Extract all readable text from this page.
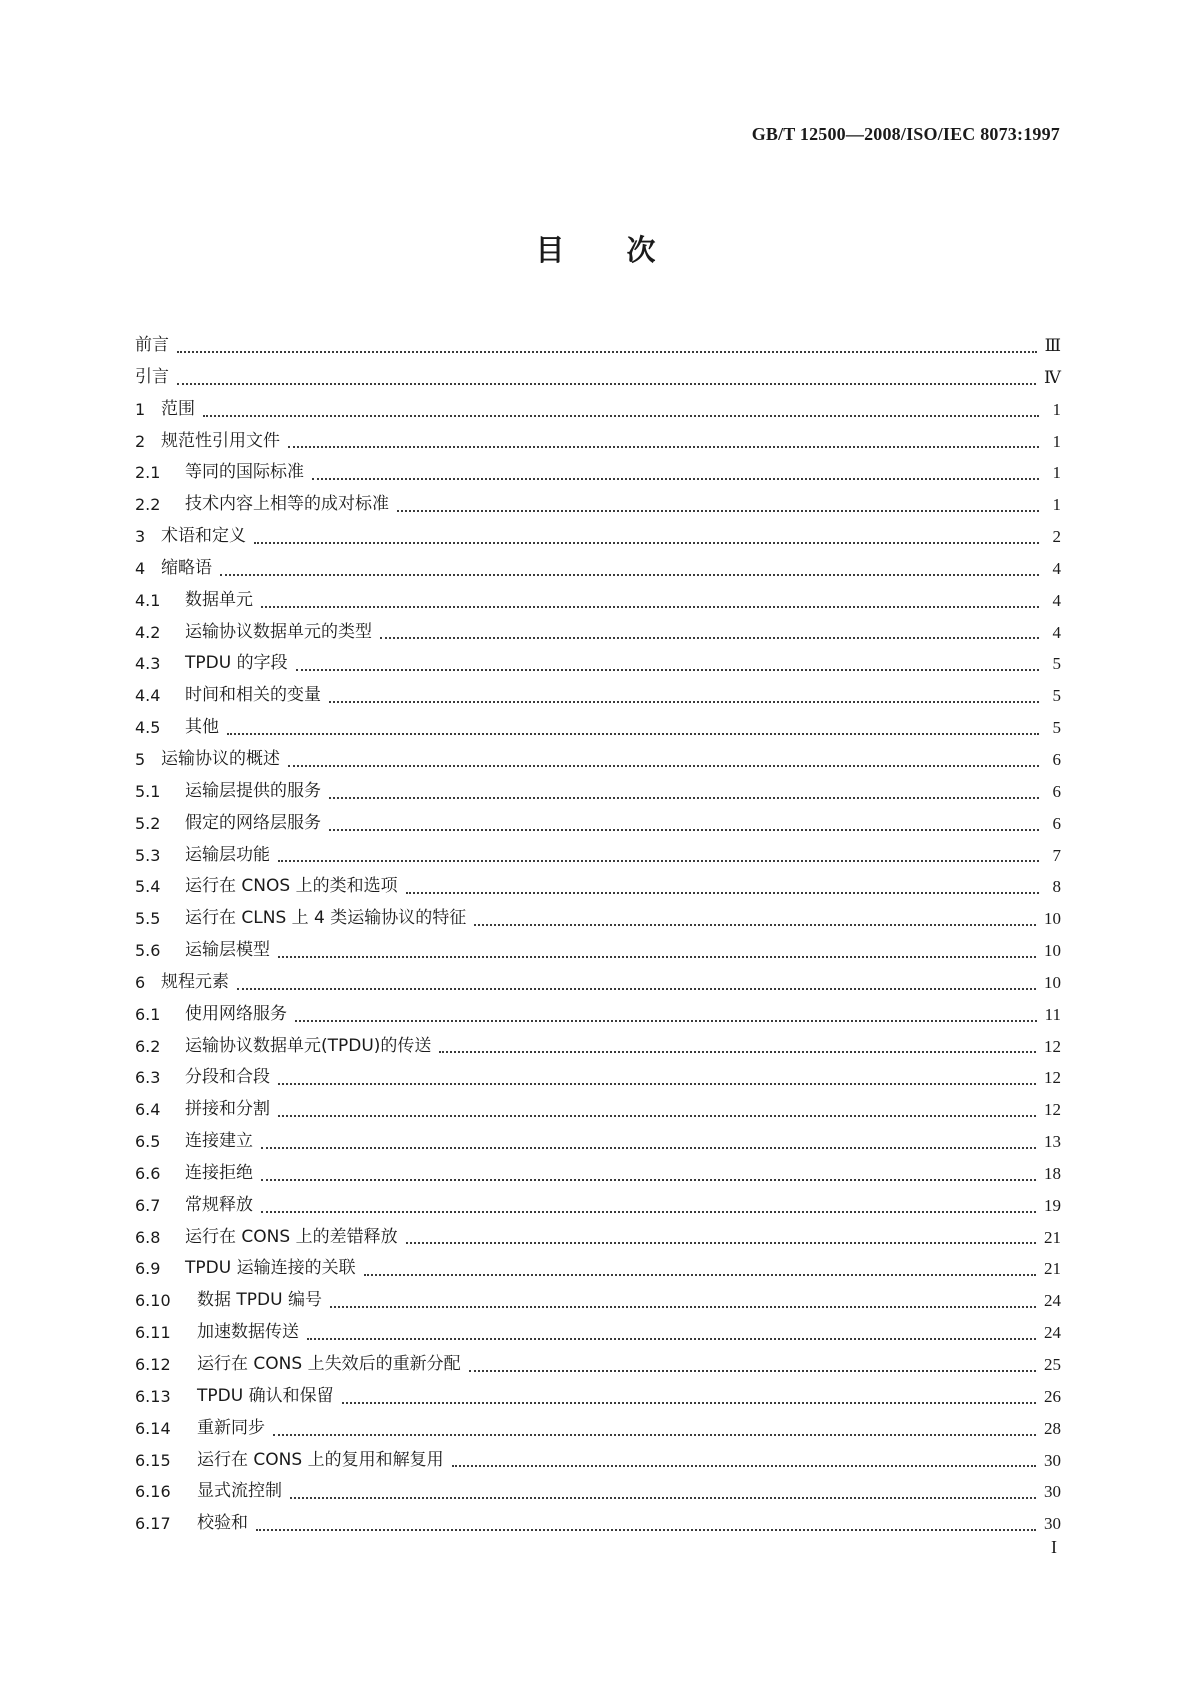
GB/T 12500—2008/ISO/IEC 8073:1997
目次
前言	Ⅲ
引言	Ⅳ
1 范围	1
2 规范性引用文件	1
2.1	等同的国际标准	1
2.2	技术内容上相等的成对标准	1
3 术语和定义	2
4 缩略语	4
4.1	数据单元	4
4.2	运输协议数据单元的类型	4
4.3	TPDU 的字段	5
4.4	时间和相关的变量	5
4.5	其他	5
5 运输协议的概述	6
5.1	运输层提供的服务	6
5.2	假定的网络层服务	6
5.3	运输层功能	7
5.4	运行在 CNOS 上的类和选项	8
5.5	运行在 CLNS 上 4 类运输协议的特征	10
5.6	运输层模型	10
6 规程元素	10
6.1	使用网络服务	11
6.2	运输协议数据单元(TPDU)的传送	12
6.3	分段和合段	12
6.4	拼接和分割	12
6.5	连接建立	13
6.6	连接拒绝	18
6.7	常规释放	19
6.8	运行在 CONS 上的差错释放	21
6.9	TPDU 运输连接的关联	21
6.10	数据 TPDU 编号	24
6.11	加速数据传送	24
6.12	运行在 CONS 上失效后的重新分配	25
6.13	TPDU 确认和保留	26
6.14	重新同步	28
6.15	运行在 CONS 上的复用和解复用	30
6.16	显式流控制	30
6.17	校验和	30
I
